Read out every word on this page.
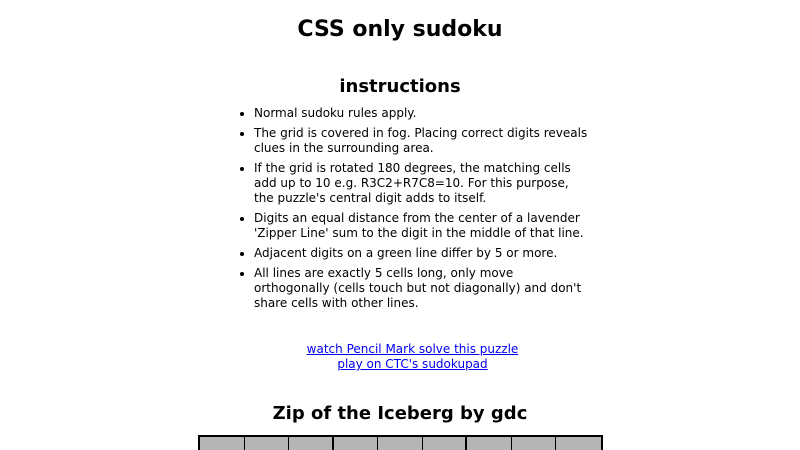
CSS only sudoku
instructions
• Normal sudoku rules apply.
• The grid is covered in fog. Placing correct digits reveals clues in the surrounding area.
• If the grid is rotated 180 degrees, the matching cells add up to 10 e.g. R3C2+R7C8=10. For this purpose, the puzzle's central digit adds to itself.
• Digits an equal distance from the center of a lavender 'Zipper Line' sum to the digit in the middle of that line.
• Adjacent digits on a green line differ by 5 or more.
• All lines are exactly 5 cells long, only move orthogonally (cells touch but not diagonally) and don't share cells with other lines.
watch Pencil Mark solve this puzzle
play on CTC's sudokupad
Zip of the Iceberg by gdc
